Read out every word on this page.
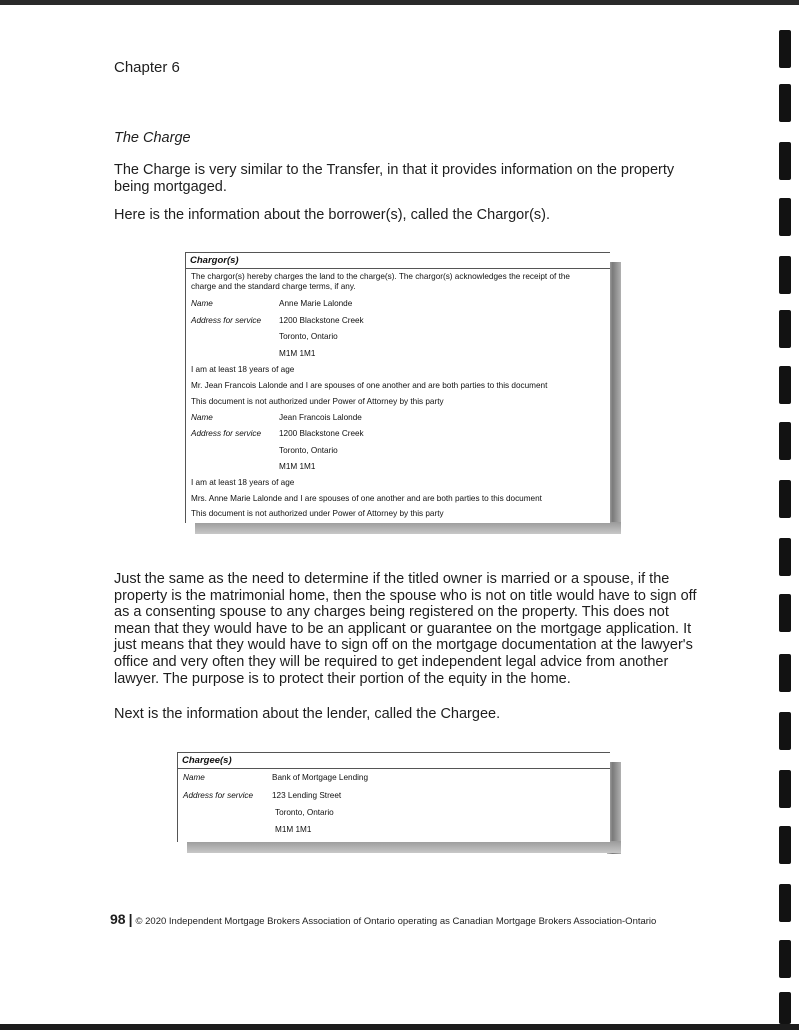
Chapter 6
The Charge

The Charge is very similar to the Transfer, in that it provides information on the property being mortgaged.

Here is the information about the borrower(s), called the Chargor(s).

Chargor(s)
The chargor(s) hereby charges the land to the charge(s). The chargor(s) acknowledges the receipt of the charge and the standard charge terms, if any.
Name	Anne Marie Lalonde
Address for service 1200 Blackstone Creek
Toronto, Ontario
M1M 1M1
I am at least 18 years of age
Mr. Jean Francois Lalonde and I are spouses of one another and are both parties to this document
This document is not authorized under Power of Attorney by this party
Name	Jean Francois Lalonde
Address for service 1200 Blackstone Creek
Toronto, Ontario
M1M 1M1
I am at least 18 years of age
Mrs. Anne Marie Lalonde and I are spouses of one another and are both parties to this document
This document is not authorized under Power of Attorney by this party

Just the same as the need to determine if the titled owner is married or a spouse, if the property is the matrimonial home, then the spouse who is not on title would have to sign off as a consenting spouse to any charges being registered on the property. This does not mean that they would have to be an applicant or guarantee on the mortgage application. It just means that they would have to sign off on the mortgage documentation at the lawyer's office and very often they will be required to get independent legal advice from another lawyer. The purpose is to protect their portion of the equity in the home.

Next is the information about the lender, called the Chargee.

Chargee(s)
Name	Bank of Mortgage Lending
Address for service 123 Lending Street
Toronto, Ontario
M1M 1M1
98 | © 2020 Independent Mortgage Brokers Association of Ontario operating as Canadian Mortgage Brokers Association-Ontario
